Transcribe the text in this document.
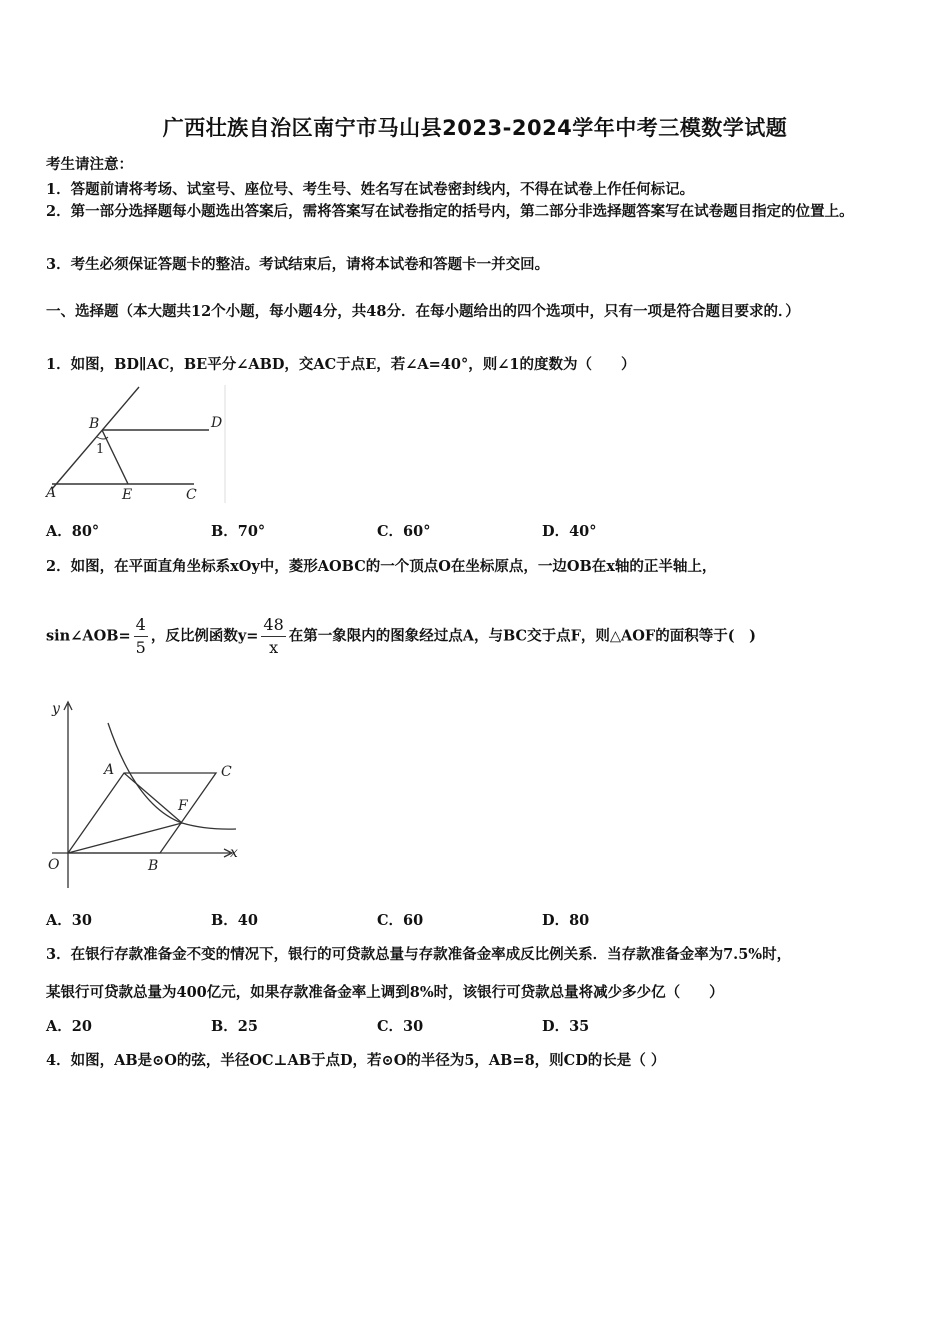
广西壮族自治区南宁市马山县2023-2024学年中考三模数学试题
考生请注意：
1．答题前请将考场、试室号、座位号、考生号、姓名写在试卷密封线内，不得在试卷上作任何标记。
2．第一部分选择题每小题选出答案后，需将答案写在试卷指定的括号内，第二部分非选择题答案写在试卷题目指定的位置上。
3．考生必须保证答题卡的整洁。考试结束后，请将本试卷和答题卡一并交回。
一、选择题（本大题共12个小题，每小题4分，共48分．在每小题给出的四个选项中，只有一项是符合题目要求的．）
1．如图，BD∥AC，BE平分∠ABD，交AC于点E，若∠A=40°，则∠1的度数为（　　）
B	D
1
A	E	C
A．80°	B．70°	C．60°	D．40°
2．如图，在平面直角坐标系xOy中，菱形AOBC的一个顶点O在坐标原点，一边OB在x轴的正半轴上，
sin∠AOB= $\frac{4}{5}$ ，反比例函数$y= \frac{48}{x}$ 在第一象限内的图象经过点A，与BC交于点F，则△AOF的面积等于(　)
y
x
O
A
B
C
F
A．30	B．40	C．60	D．80
3．在银行存款准备金不变的情况下，银行的可贷款总量与存款准备金率成反比例关系．当存款准备金率为7.5%时，
某银行可贷款总量为400亿元，如果存款准备金率上调到8%时，该银行可贷款总量将减少多少亿（　　）
A．20	B．25	C．30	D．35
4．如图，AB是⊙O的弦，半径OC⊥AB于点D，若⊙O的半径为5，AB=8，则CD的长是（ ）
